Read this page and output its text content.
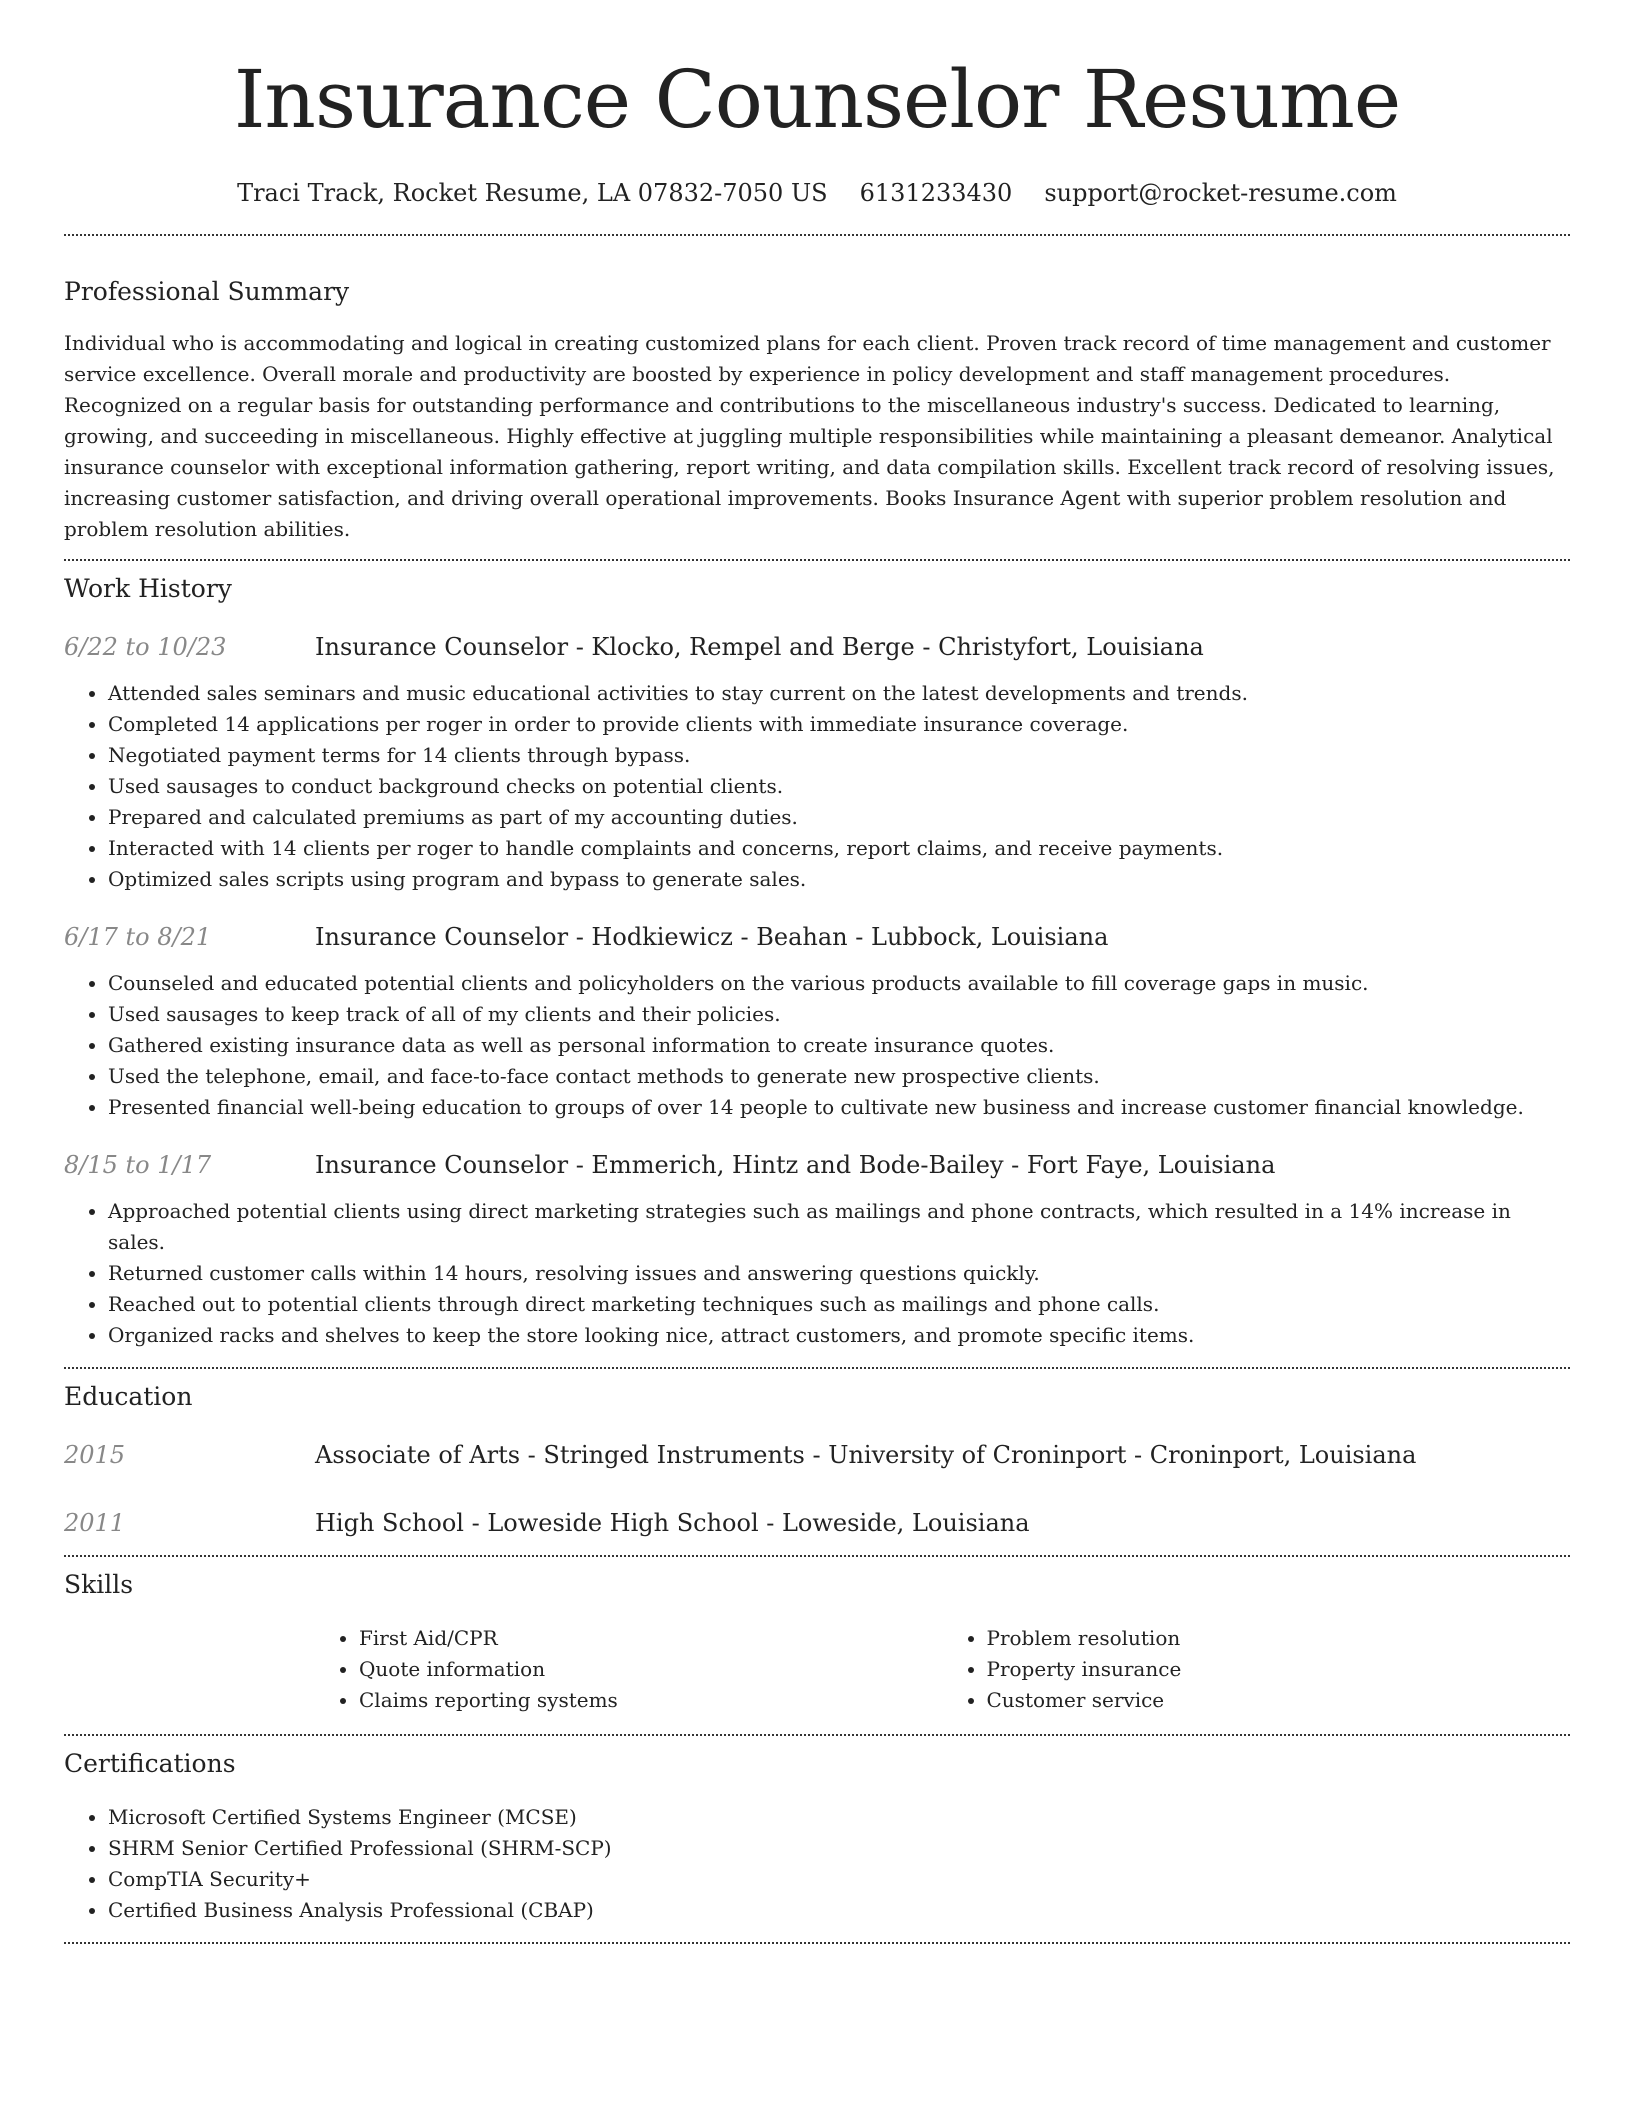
Insurance Counselor Resume
Traci Track, Rocket Resume, LA 07832-7050 US 6131233430 support@rocket-resume.com
Professional Summary

Individual who is accommodating and logical in creating customized plans for each client. Proven track record of time management and customer service excellence. Overall morale and productivity are boosted by experience in policy development and staff management procedures. Recognized on a regular basis for outstanding performance and contributions to the miscellaneous industry's success. Dedicated to learning, growing, and succeeding in miscellaneous. Highly effective at juggling multiple responsibilities while maintaining a pleasant demeanor. Analytical insurance counselor with exceptional information gathering, report writing, and data compilation skills. Excellent track record of resolving issues, increasing customer satisfaction, and driving overall operational improvements. Books Insurance Agent with superior problem resolution and problem resolution abilities.

Work History
6/22 to 10/23	Insurance Counselor - Klocko, Rempel and Berge - Christyfort, Louisiana
• Attended sales seminars and music educational activities to stay current on the latest developments and trends.
• Completed 14 applications per roger in order to provide clients with immediate insurance coverage.
• Negotiated payment terms for 14 clients through bypass.
• Used sausages to conduct background checks on potential clients.
• Prepared and calculated premiums as part of my accounting duties.
• Interacted with 14 clients per roger to handle complaints and concerns, report claims, and receive payments.
• Optimized sales scripts using program and bypass to generate sales.
6/17 to 8/21	Insurance Counselor - Hodkiewicz - Beahan - Lubbock, Louisiana
• Counseled and educated potential clients and policyholders on the various products available to fill coverage gaps in music.
• Used sausages to keep track of all of my clients and their policies.
• Gathered existing insurance data as well as personal information to create insurance quotes.
• Used the telephone, email, and face-to-face contact methods to generate new prospective clients.
• Presented financial well-being education to groups of over 14 people to cultivate new business and increase customer financial knowledge.
8/15 to 1/17	Insurance Counselor - Emmerich, Hintz and Bode-Bailey - Fort Faye, Louisiana
• Approached potential clients using direct marketing strategies such as mailings and phone contracts, which resulted in a 14% increase in sales.
• Returned customer calls within 14 hours, resolving issues and answering questions quickly.
• Reached out to potential clients through direct marketing techniques such as mailings and phone calls.
• Organized racks and shelves to keep the store looking nice, attract customers, and promote specific items.
Education
2015	Associate of Arts - Stringed Instruments - University of Croninport - Croninport, Louisiana
2011	High School - Loweside High School - Loweside, Louisiana
Skills
• First Aid/CPR
• Quote information
• Claims reporting systems
• Problem resolution
• Property insurance
• Customer service
Certifications
• Microsoft Certified Systems Engineer (MCSE)
• SHRM Senior Certified Professional (SHRM-SCP)
• CompTIA Security+
• Certified Business Analysis Professional (CBAP)
